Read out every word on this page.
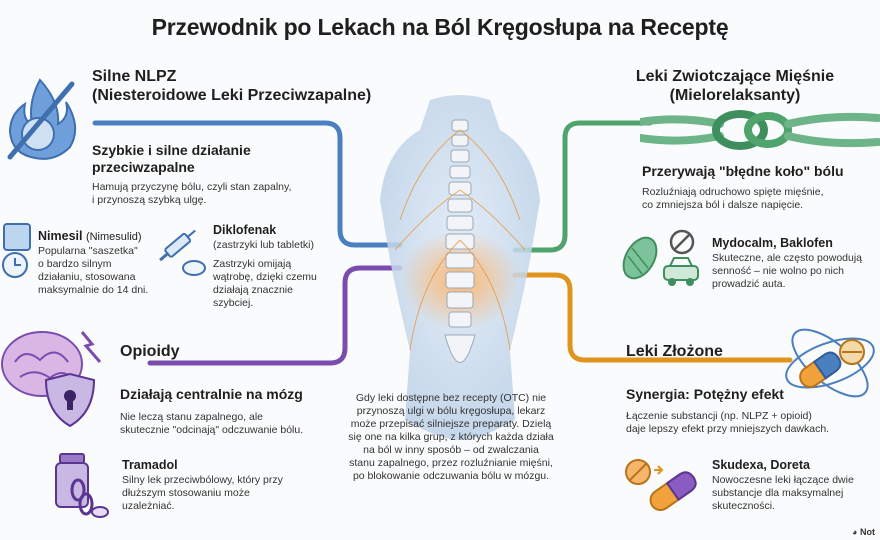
Przewodnik po Lekach na Ból Kręgosłupa na Receptę
Silne NLPZ
(Niesteroidowe Leki Przeciwzapalne)
Szybkie i silne działanie przeciwzapalne
Hamują przyczynę bólu, czyli stan zapalny,
i przynoszą szybką ulgę.
Nimesil (Nimesulid)
Popularna "saszetka"
o bardzo silnym
działaniu, stosowana
maksymalnie do 14 dni.
Diklofenak
(zastrzyki lub tabletki)
Zastrzyki omijają
wątrobę, dzięki czemu
działają znacznie
szybciej.
Opioidy
Działają centralnie na mózg
Nie leczą stanu zapalnego, ale
skutecznie "odcinają" odczuwanie bólu.
Tramadol
Silny lek przeciwbólowy, który przy
dłuższym stosowaniu może
uzależniać.
Leki Zwiotczające Mięśnie
(Mielorelaksanty)
Przerywają "błędne koło" bólu
Rozluźniają odruchowo spięte mięśnie,
co zmniejsza ból i dalsze napięcie.
Mydocalm, Baklofen
Skuteczne, ale często powodują
senność – nie wolno po nich
prowadzić auta.
Leki Złożone
Synergia: Potężny efekt
Łączenie substancji (np. NLPZ + opioid)
daje lepszy efekt przy mniejszych dawkach.
Skudexa, Doreta
Nowoczesne leki łączące dwie
substancje dla maksymalnej
skuteczności.
Gdy leki dostępne bez recepty (OTC) nie
przynoszą ulgi w bólu kręgosłupa, lekarz
może przepisać silniejsze preparaty. Dzielą
się one na kilka grup, z których każda działa
na ból w inny sposób – od zwalczania
stanu zapalnego, przez rozluźnianie mięśni,
po blokowanie odczuwania bólu w mózgu.
◕ Not
